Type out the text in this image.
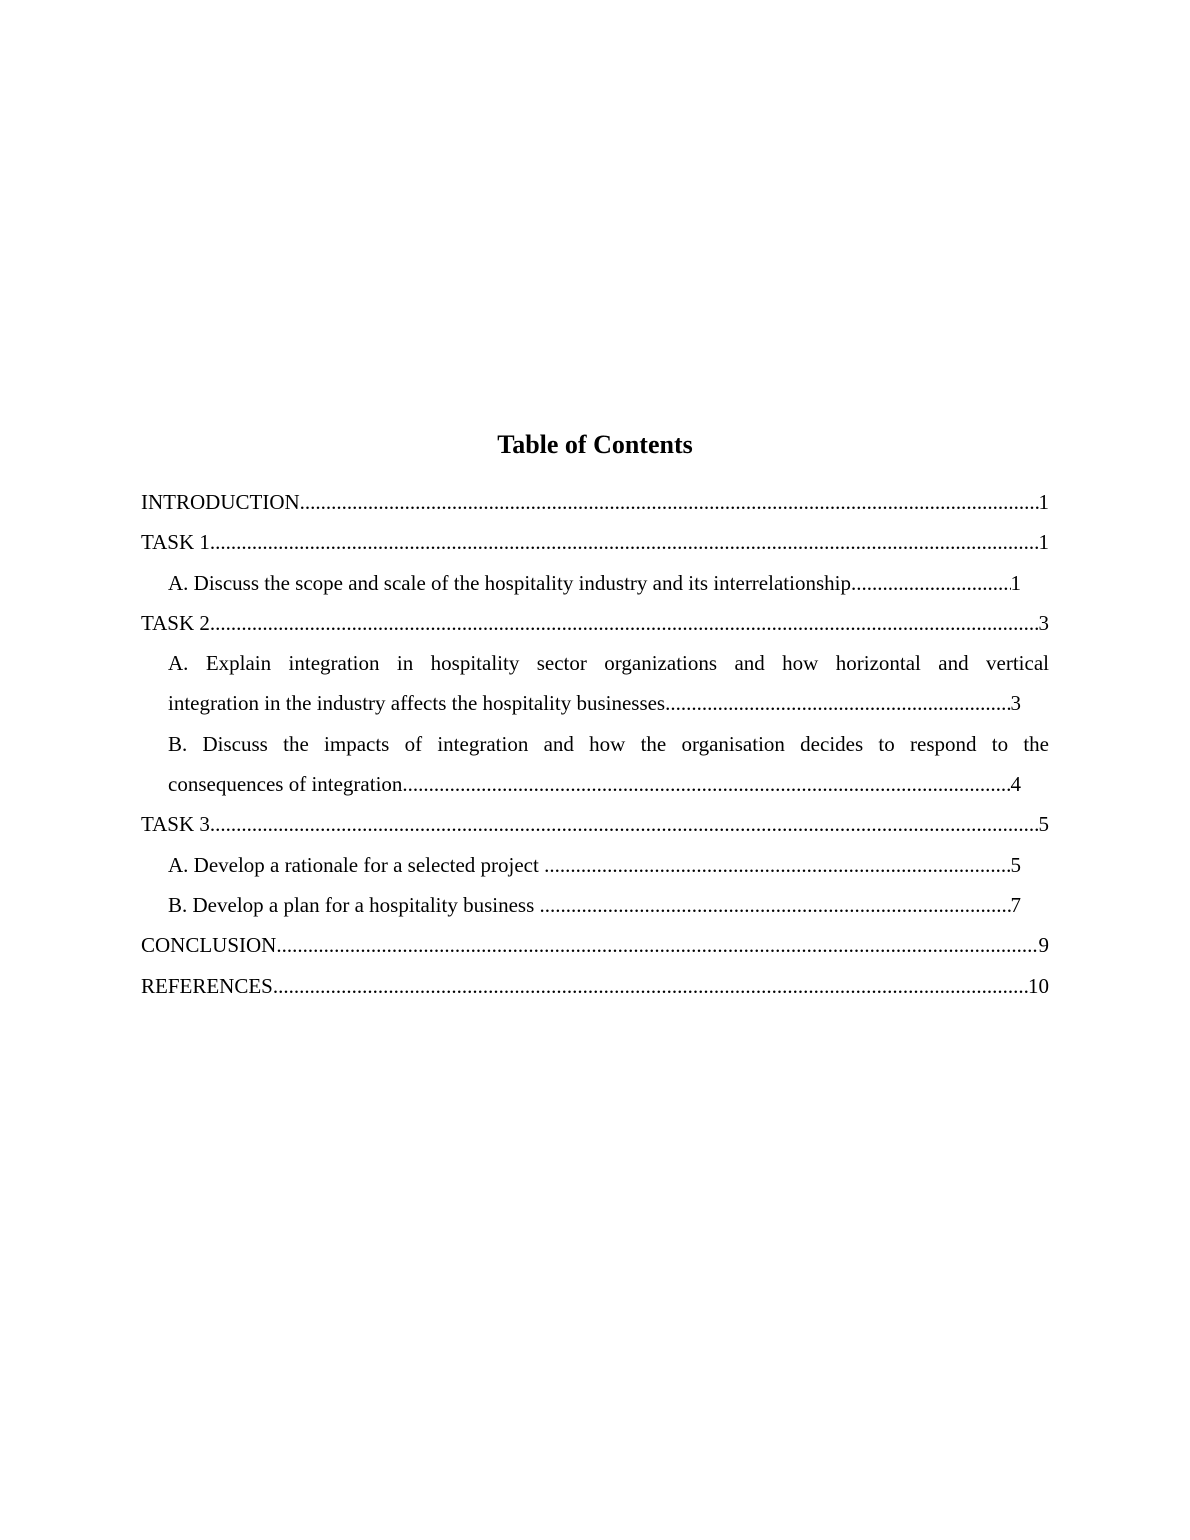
Table of Contents
INTRODUCTION .....	1
TASK 1 .....	1
A. Discuss the scope and scale of the hospitality industry and its interrelationship .....	1
TASK 2 .....	3
A. Explain integration in hospitality sector organizations and how horizontal and vertical
integration in the industry affects the hospitality businesses .....	3
B. Discuss the impacts of integration and how the organisation decides to respond to the
consequences of integration .....	4
TASK 3 .....	5
A. Develop a rationale for a selected project .....	5
B. Develop a plan for a hospitality business .....	7
CONCLUSION .....	9
REFERENCES .....	10
